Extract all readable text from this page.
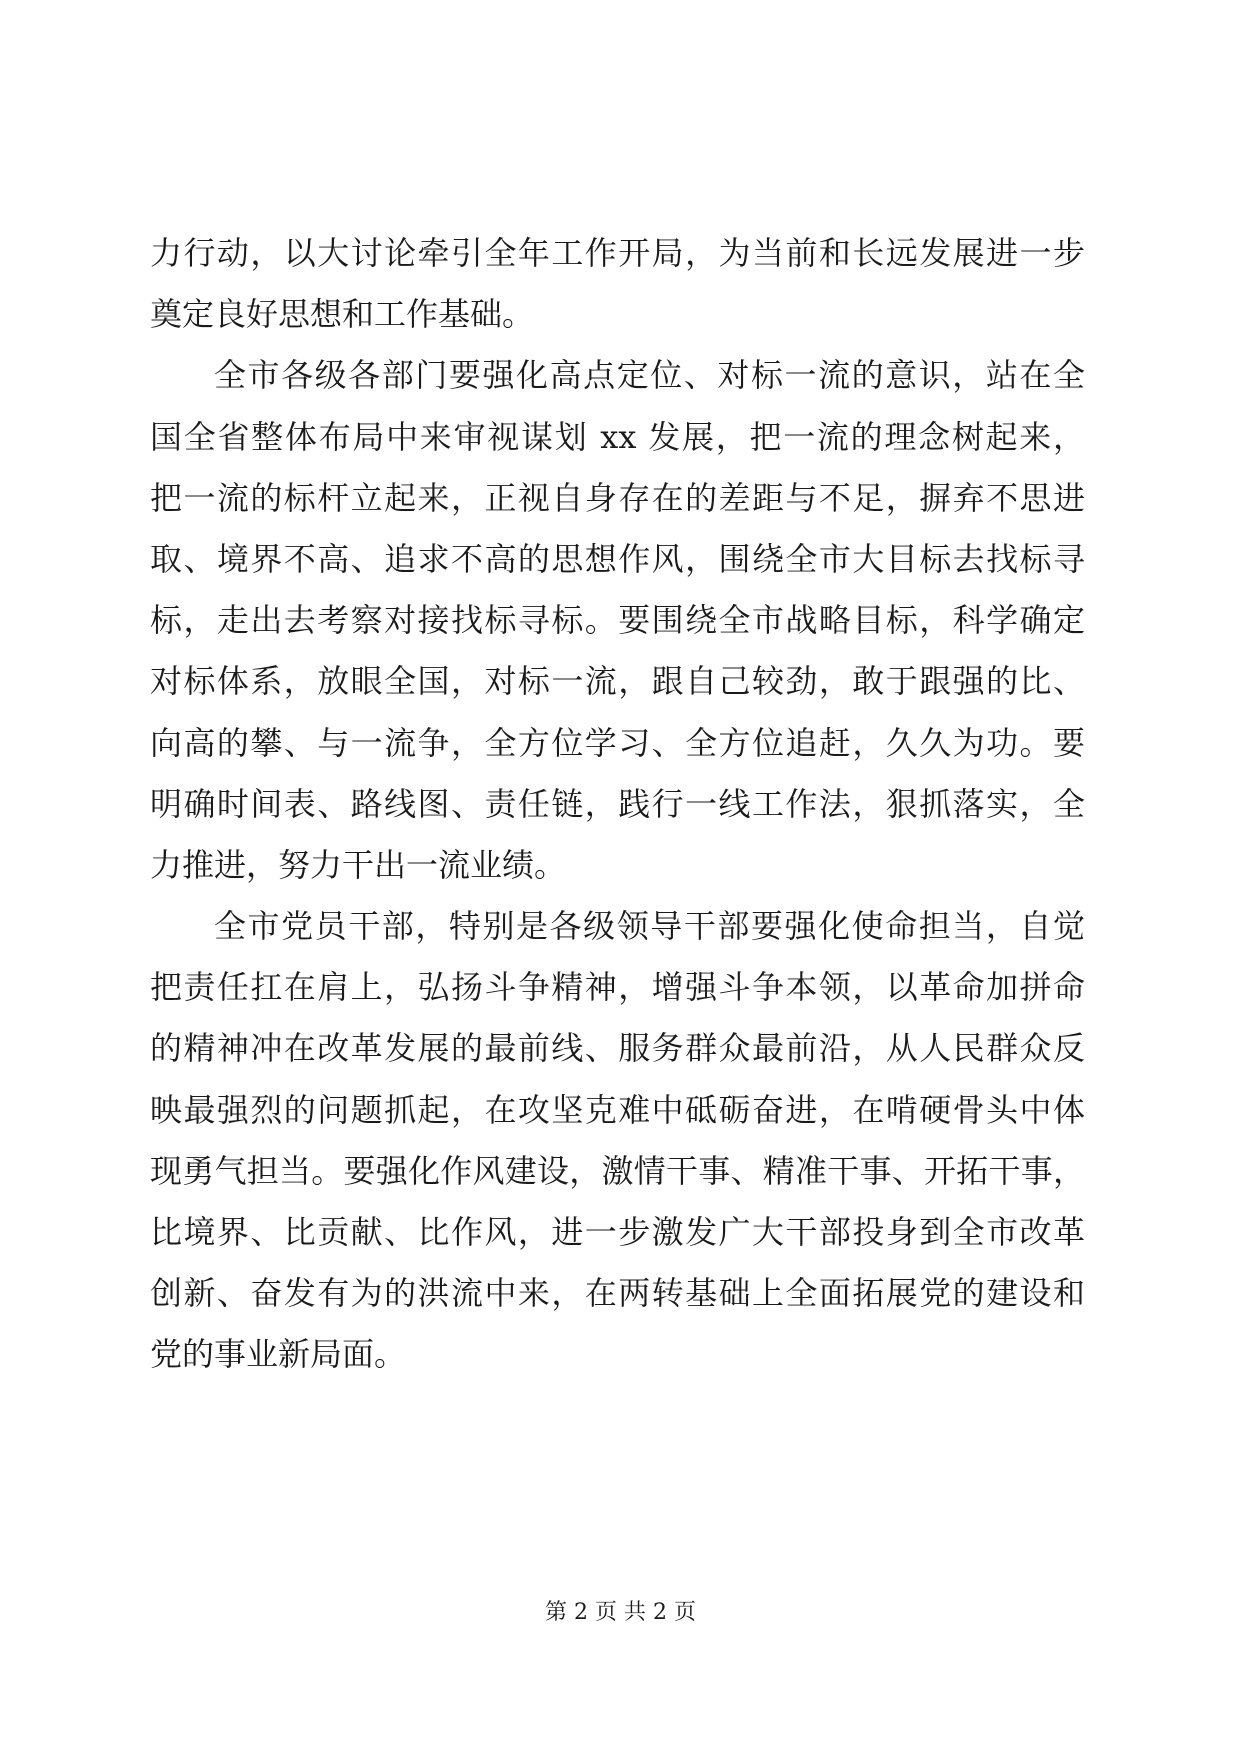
力行动，以大讨论牵引全年工作开局，为当前和长远发展进一步
奠定良好思想和工作基础。
全市各级各部门要强化高点定位、对标一流的意识，站在全
国全省整体布局中来审视谋划 xx 发展，把一流的理念树起来，
把一流的标杆立起来，正视自身存在的差距与不足，摒弃不思进
取、境界不高、追求不高的思想作风，围绕全市大目标去找标寻
标，走出去考察对接找标寻标。要围绕全市战略目标，科学确定
对标体系，放眼全国，对标一流，跟自己较劲，敢于跟强的比、
向高的攀、与一流争，全方位学习、全方位追赶，久久为功。要
明确时间表、路线图、责任链，践行一线工作法，狠抓落实，全
力推进，努力干出一流业绩。
全市党员干部，特别是各级领导干部要强化使命担当，自觉
把责任扛在肩上，弘扬斗争精神，增强斗争本领，以革命加拼命
的精神冲在改革发展的最前线、服务群众最前沿，从人民群众反
映最强烈的问题抓起，在攻坚克难中砥砺奋进，在啃硬骨头中体
现勇气担当。要强化作风建设，激情干事、精准干事、开拓干事，
比境界、比贡献、比作风，进一步激发广大干部投身到全市改革
创新、奋发有为的洪流中来，在两转基础上全面拓展党的建设和
党的事业新局面。
第 2 页 共 2 页
